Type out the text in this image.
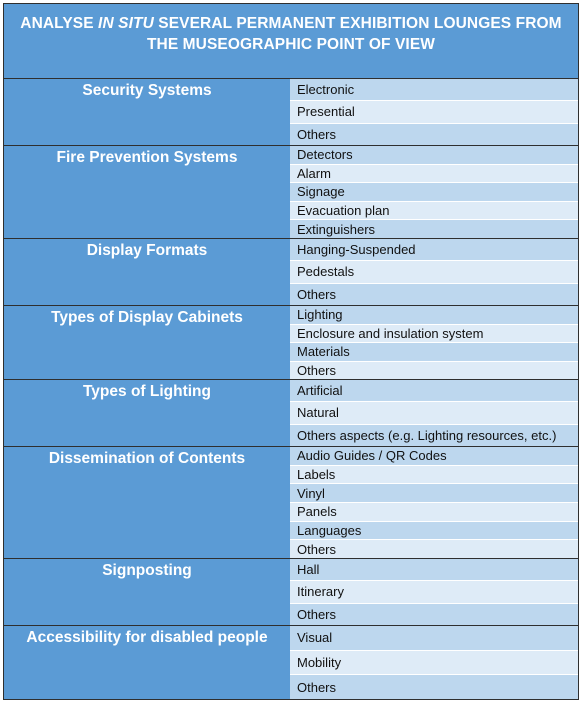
ANALYSE IN SITU SEVERAL PERMANENT EXHIBITION LOUNGES FROM
THE MUSEOGRAPHIC POINT OF VIEW
Security Systems	Electronic
Presential
Others
Fire Prevention Systems	Detectors
Alarm
Signage
Evacuation plan
Extinguishers
Display Formats	Hanging-Suspended
Pedestals
Others
Types of Display Cabinets	Lighting
Enclosure and insulation system
Materials
Others
Types of Lighting	Artificial
Natural
Others aspects (e.g. Lighting resources, etc.)
Dissemination of Contents	Audio Guides / QR Codes
Labels
Vinyl
Panels
Languages
Others
Signposting	Hall
Itinerary
Others
Accessibility for disabled people	Visual
Mobility
Others
